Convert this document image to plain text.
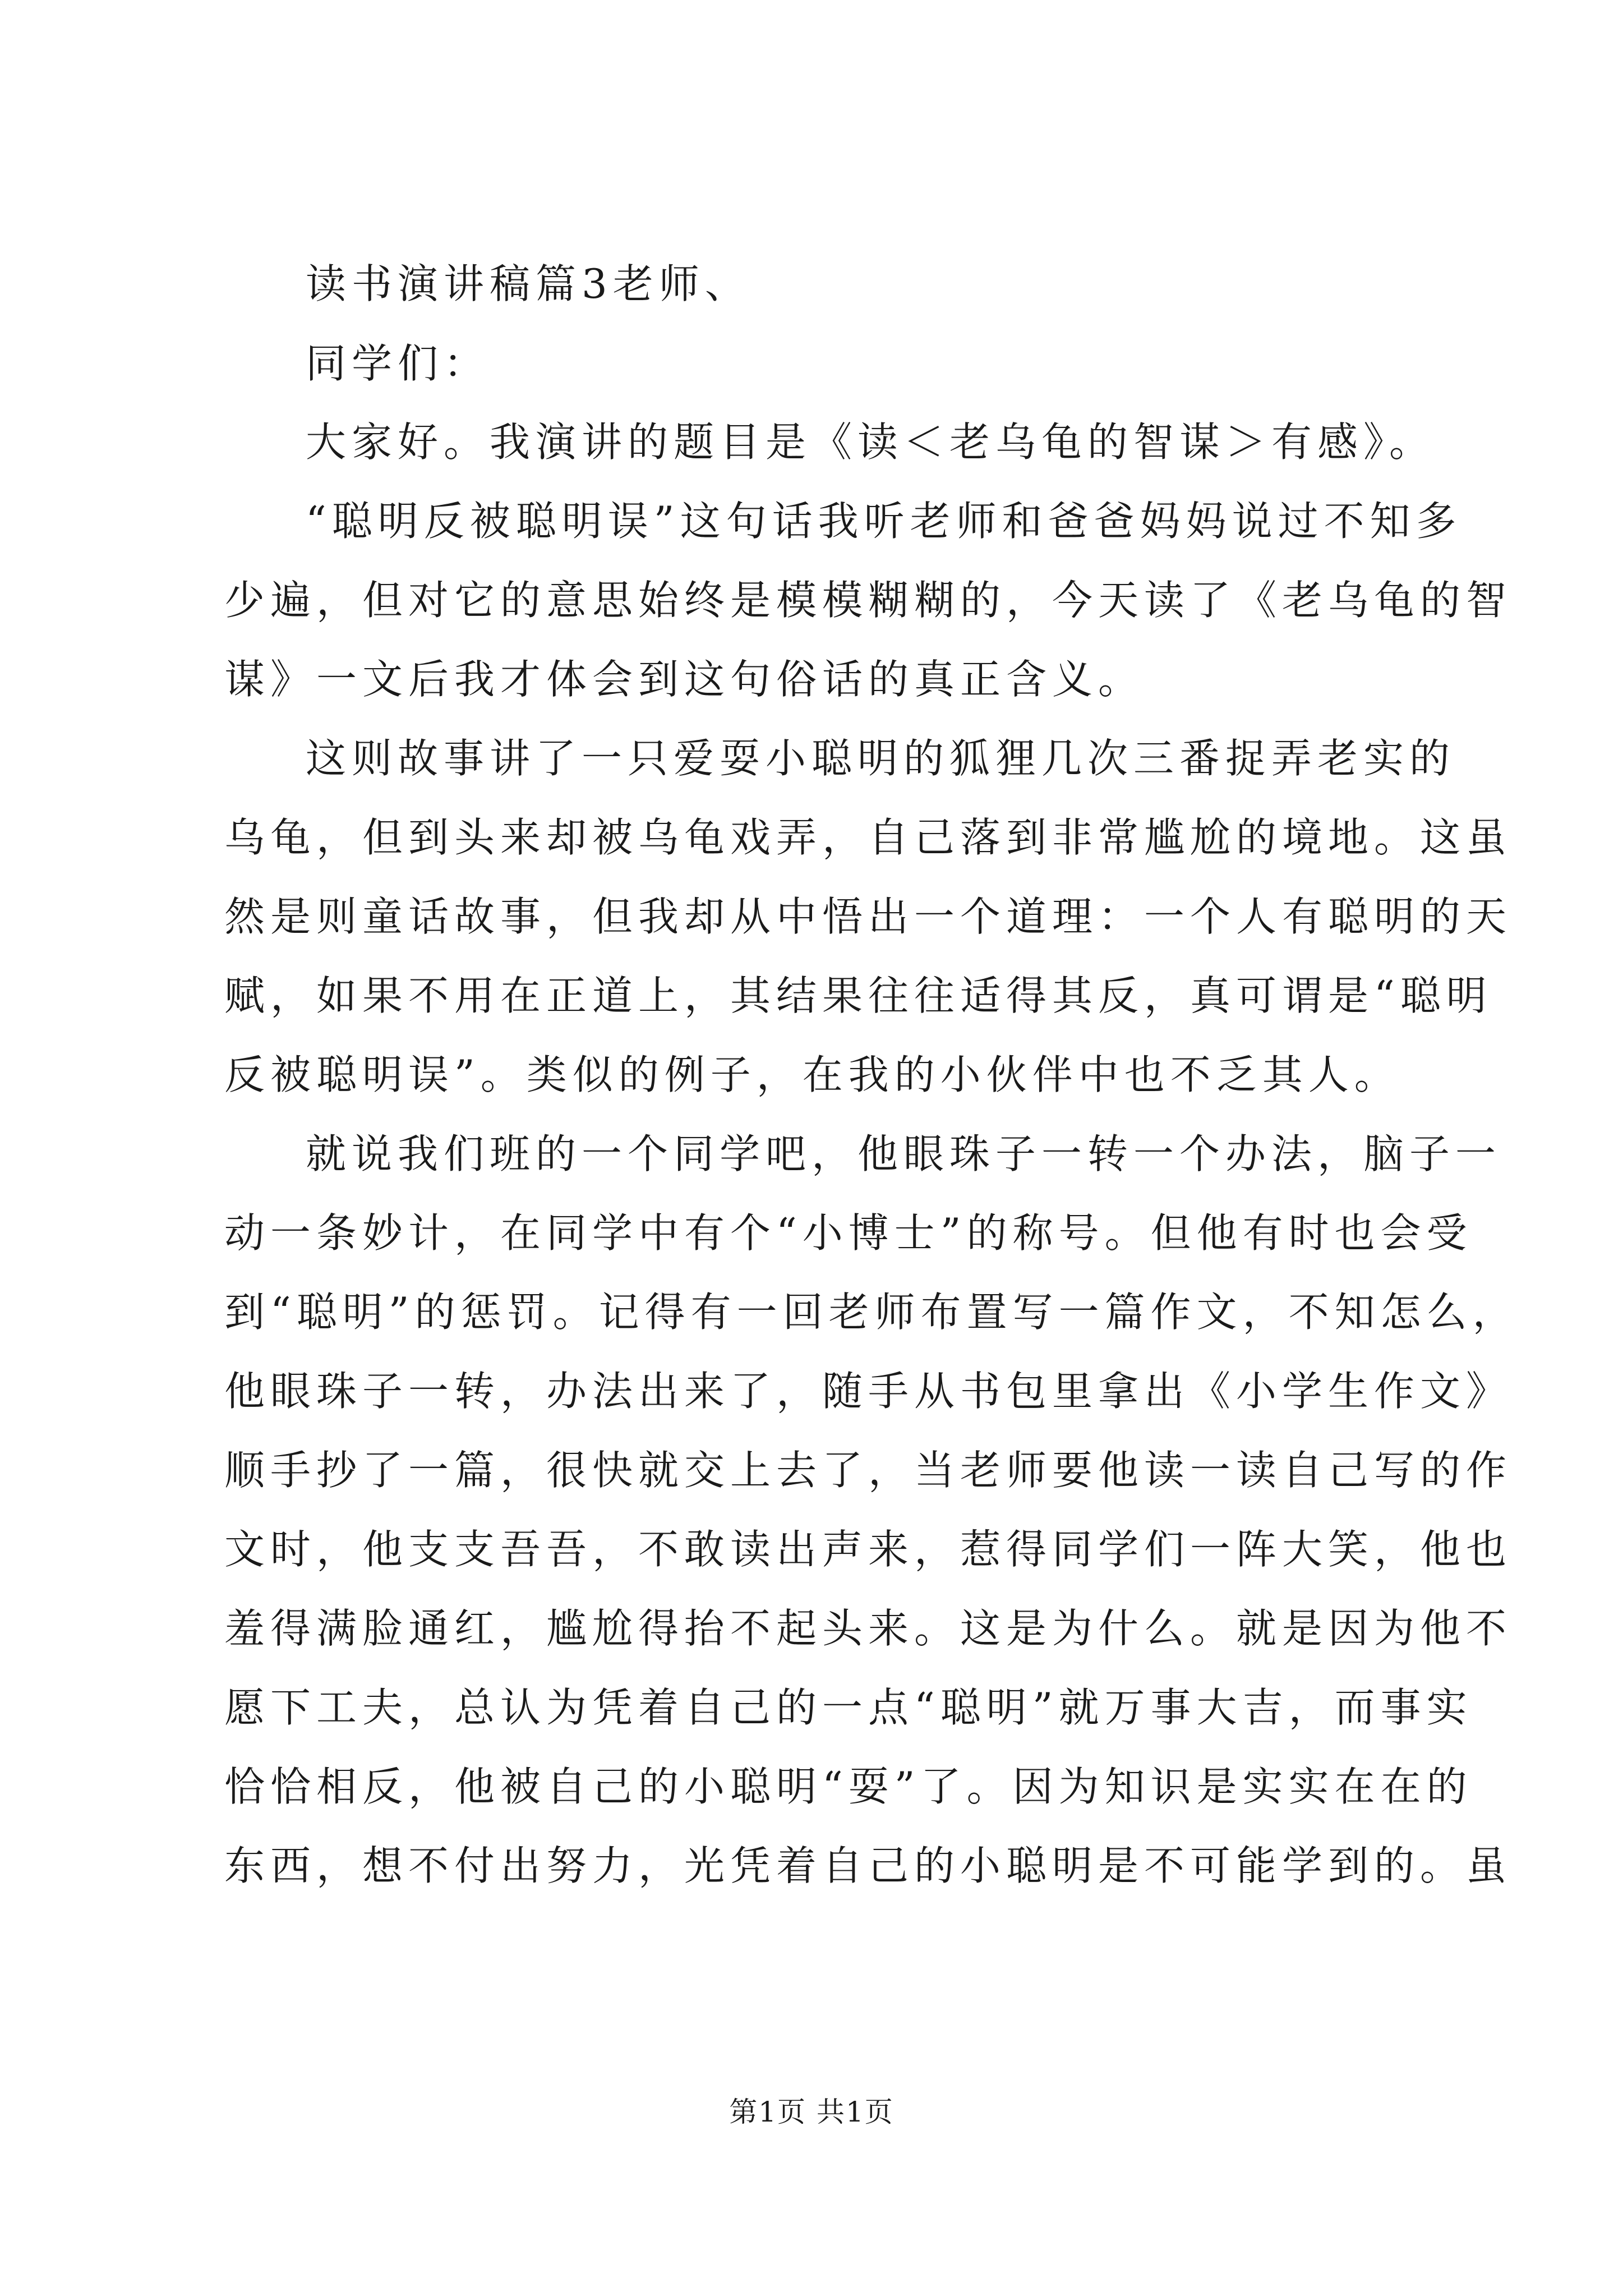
读书演讲稿篇3老师、
同学们：
大家好。我演讲的题目是《读＜老乌龟的智谋＞有感》。
“聪明反被聪明误”这句话我听老师和爸爸妈妈说过不知多
少遍，但对它的意思始终是模模糊糊的，今天读了《老乌龟的智
谋》一文后我才体会到这句俗话的真正含义。
这则故事讲了一只爱耍小聪明的狐狸几次三番捉弄老实的
乌龟，但到头来却被乌龟戏弄，自己落到非常尴尬的境地。这虽
然是则童话故事，但我却从中悟出一个道理：一个人有聪明的天
赋，如果不用在正道上，其结果往往适得其反，真可谓是“聪明
反被聪明误”。类似的例子，在我的小伙伴中也不乏其人。
就说我们班的一个同学吧，他眼珠子一转一个办法，脑子一
动一条妙计，在同学中有个“小博士”的称号。但他有时也会受
到“聪明”的惩罚。记得有一回老师布置写一篇作文，不知怎么，
他眼珠子一转，办法出来了，随手从书包里拿出《小学生作文》
顺手抄了一篇，很快就交上去了，当老师要他读一读自己写的作
文时，他支支吾吾，不敢读出声来，惹得同学们一阵大笑，他也
羞得满脸通红，尴尬得抬不起头来。这是为什么。就是因为他不
愿下工夫，总认为凭着自己的一点“聪明”就万事大吉，而事实
恰恰相反，他被自己的小聪明“耍”了。因为知识是实实在在的
东西，想不付出努力，光凭着自己的小聪明是不可能学到的。虽
第1页 共1页
